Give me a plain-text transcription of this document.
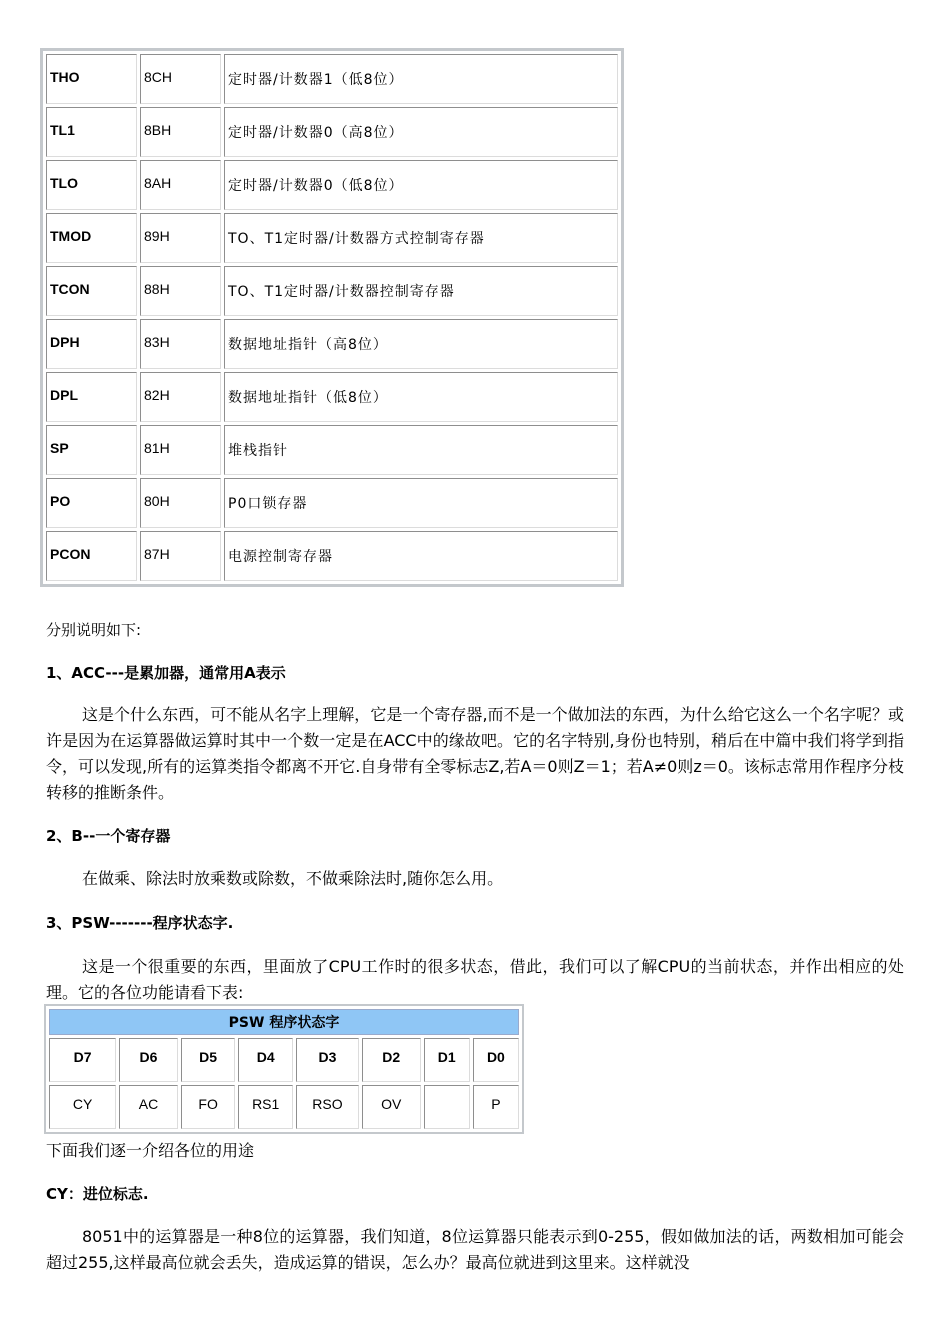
THO	8CH	定时器/计数器1（低8位）
TL1	8BH	定时器/计数器0（高8位）
TLO	8AH	定时器/计数器0（低8位）
TMOD	89H	TO、T1定时器/计数器方式控制寄存器
TCON	88H	TO、T1定时器/计数器控制寄存器
DPH	83H	数据地址指针（高8位）
DPL	82H	数据地址指针（低8位）
SP	81H	堆栈指针
PO	80H	P0口锁存器
PCON	87H	电源控制寄存器
分别说明如下:
1、ACC---是累加器，通常用A表示

这是个什么东西，可不能从名字上理解，它是一个寄存器,而不是一个做加法的东西，为什么给它这么一个名字呢？或许是因为在运算器做运算时其中一个数一定是在ACC中的缘故吧。它的名字特别,身份也特别，稍后在中篇中我们将学到指令，可以发现,所有的运算类指令都离不开它.自身带有全零标志Z,若A＝0则Z＝1；若A≠0则z＝0。该标志常用作程序分枝转移的推断条件。

2、B--一个寄存器

在做乘、除法时放乘数或除数，不做乘除法时,随你怎么用。

3、PSW-------程序状态字.

这是一个很重要的东西，里面放了CPU工作时的很多状态，借此，我们可以了解CPU的当前状态，并作出相应的处理。它的各位功能请看下表:

PSW 程序状态字							
D7	D6	D5	D4	D3	D2	D1	D0
CY	AC	FO	RS1	RSO	OV		P
下面我们逐一介绍各位的用途
CY：进位标志.

8051中的运算器是一种8位的运算器，我们知道，8位运算器只能表示到0-255，假如做加法的话，两数相加可能会超过255,这样最高位就会丢失，造成运算的错误，怎么办？最高位就进到这里来。这样就没
